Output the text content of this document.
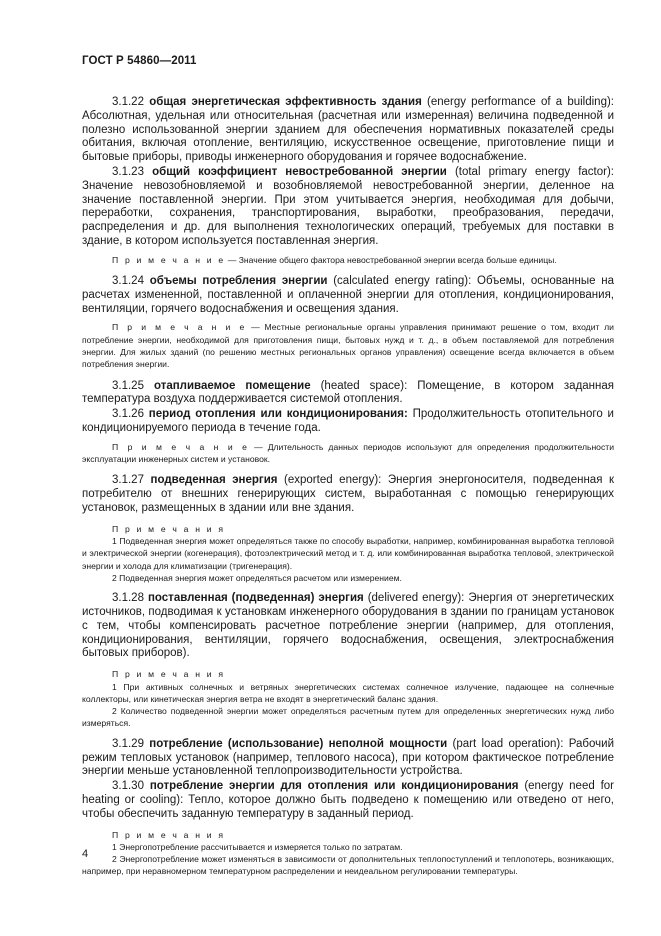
ГОСТ Р 54860—2011

3.1.22 общая энергетическая эффективность здания (energy performance of a building): Абсолютная, удельная или относительная (расчетная или измеренная) величина подведенной и полезно использованной энергии зданием для обеспечения нормативных показателей среды обитания, включая отопление, вентиляцию, искусственное освещение, приготовление пищи и бытовые приборы, приводы инженерного оборудования и горячее водоснабжение.

3.1.23 общий коэффициент невостребованной энергии (total primary energy factor): Значение невозобновляемой и возобновляемой невостребованной энергии, деленное на значение поставленной энергии. При этом учитывается энергия, необходимая для добычи, переработки, сохранения, транспортирования, выработки, преобразования, передачи, распределения и др. для выполнения технологических операций, требуемых для поставки в здание, в котором используется поставленная энергия.

П р и м е ч а н и е — Значение общего фактора невостребованной энергии всегда больше единицы.

3.1.24 объемы потребления энергии (calculated energy rating): Объемы, основанные на расчетах измененной, поставленной и оплаченной энергии для отопления, кондиционирования, вентиляции, горячего водоснабжения и освещения здания.

П р и м е ч а н и е — Местные региональные органы управления принимают решение о том, входит ли потребление энергии, необходимой для приготовления пищи, бытовых нужд и т. д., в объем поставляемой для потребления энергии. Для жилых зданий (по решению местных региональных органов управления) освещение всегда включается в объем потребления энергии.

3.1.25 отапливаемое помещение (heated space): Помещение, в котором заданная температура воздуха поддерживается системой отопления.

3.1.26 период отопления или кондиционирования: Продолжительность отопительного и кондиционируемого периода в течение года.

П р и м е ч а н и е — Длительность данных периодов используют для определения продолжительности эксплуатации инженерных систем и установок.

3.1.27 подведенная энергия (exported energy): Энергия энергоносителя, подведенная к потребителю от внешних генерирующих систем, выработанная с помощью генерирующих установок, размещенных в здании или вне здания.

П р и м е ч а н и я

1 Подведенная энергия может определяться также по способу выработки, например, комбинированная выработка тепловой и электрической энергии (когенерация), фотоэлектрический метод и т. д. или комбинированная выработка тепловой, электрической энергии и холода для климатизации (тригенерация).

2 Подведенная энергия может определяться расчетом или измерением.

3.1.28 поставленная (подведенная) энергия (delivered energy): Энергия от энергетических источников, подводимая к установкам инженерного оборудования в здании по границам установок с тем, чтобы компенсировать расчетное потребление энергии (например, для отопления, кондиционирования, вентиляции, горячего водоснабжения, освещения, электроснабжения бытовых приборов).

П р и м е ч а н и я

1 При активных солнечных и ветряных энергетических системах солнечное излучение, падающее на солнечные коллекторы, или кинетическая энергия ветра не входят в энергетический баланс здания.

2 Количество подведенной энергии может определяться расчетным путем для определенных энергетических нужд либо измеряться.

3.1.29 потребление (использование) неполной мощности (part load operation): Рабочий режим тепловых установок (например, теплового насоса), при котором фактическое потребление энергии меньше установленной теплопроизводительности устройства.

3.1.30 потребление энергии для отопления или кондиционирования (energy need for heating or cooling): Тепло, которое должно быть подведено к помещению или отведено от него, чтобы обеспечить заданную температуру в заданный период.

П р и м е ч а н и я

1 Энергопотребление рассчитывается и измеряется только по затратам.

2 Энергопотребление может изменяться в зависимости от дополнительных теплопоступлений и теплопотерь, возникающих, например, при неравномерном температурном распределении и неидеальном регулировании температуры.

4
